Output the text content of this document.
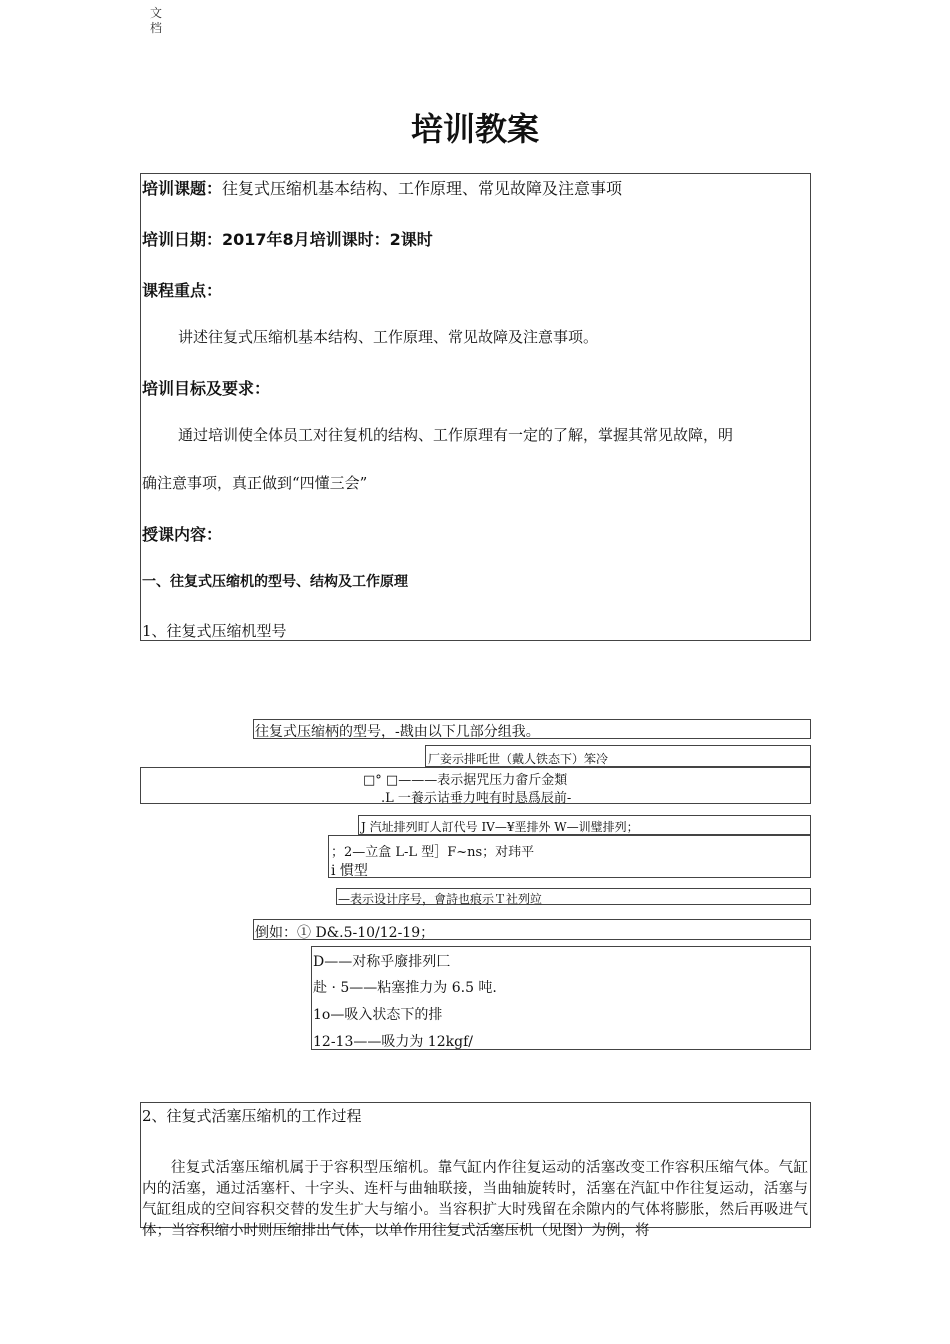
文档
培训教案
培训课题：往复式压缩机基本结构、工作原理、常见故障及注意事项
培训日期：2017年8月培训课时：2课时
课程重点：
讲述往复式压缩机基本结构、工作原理、常见故障及注意事项。
培训目标及要求：
通过培训使全体员工对往复机的结构、工作原理有一定的了解，掌握其常见故障，明
确注意事项，真正做到“四懂三会”
授课内容：
一、往复式压缩机的型号、结构及工作原理
1、往复式压缩机型号
往复式压缩柄的型号，-戡由以下几部分组我。
厂妾示排吒世（戴人铁态下）笨冷
□° □———表示据咒压力畲斤金類
.L 一養示诂垂力吨有时恳爲辰前-
J 汽址排列盯人訂代号 IV—¥垩排外 W—训璧排列；
；2—立盒 L-L 型］F~ns；对玮平
i 慣型
—表示设计序号，會詩也痕示Ｔ社列竝
倒如：① D&.5-10/12-19；
D——对称乎廢排列匚
赴 · 5——粘塞推力为 6.5 吨.
1o—吸入状态下的排
12-13——吸力为 12kgf/
2、往复式活塞压缩机的工作过程

往复式活塞压缩机属于于容积型压缩机。靠气缸内作往复运动的活塞改变工作容积压缩气体。气缸内的活塞，通过活塞杆、十字头、连杆与曲轴联接，当曲轴旋转时，活塞在汽缸中作往复运动，活塞与气缸组成的空间容积交替的发生扩大与缩小。当容积扩大时残留在余隙内的气体将膨胀，然后再吸进气体；当容积缩小时则压缩排出气体，以单作用往复式活塞压机（见图）为例，将
